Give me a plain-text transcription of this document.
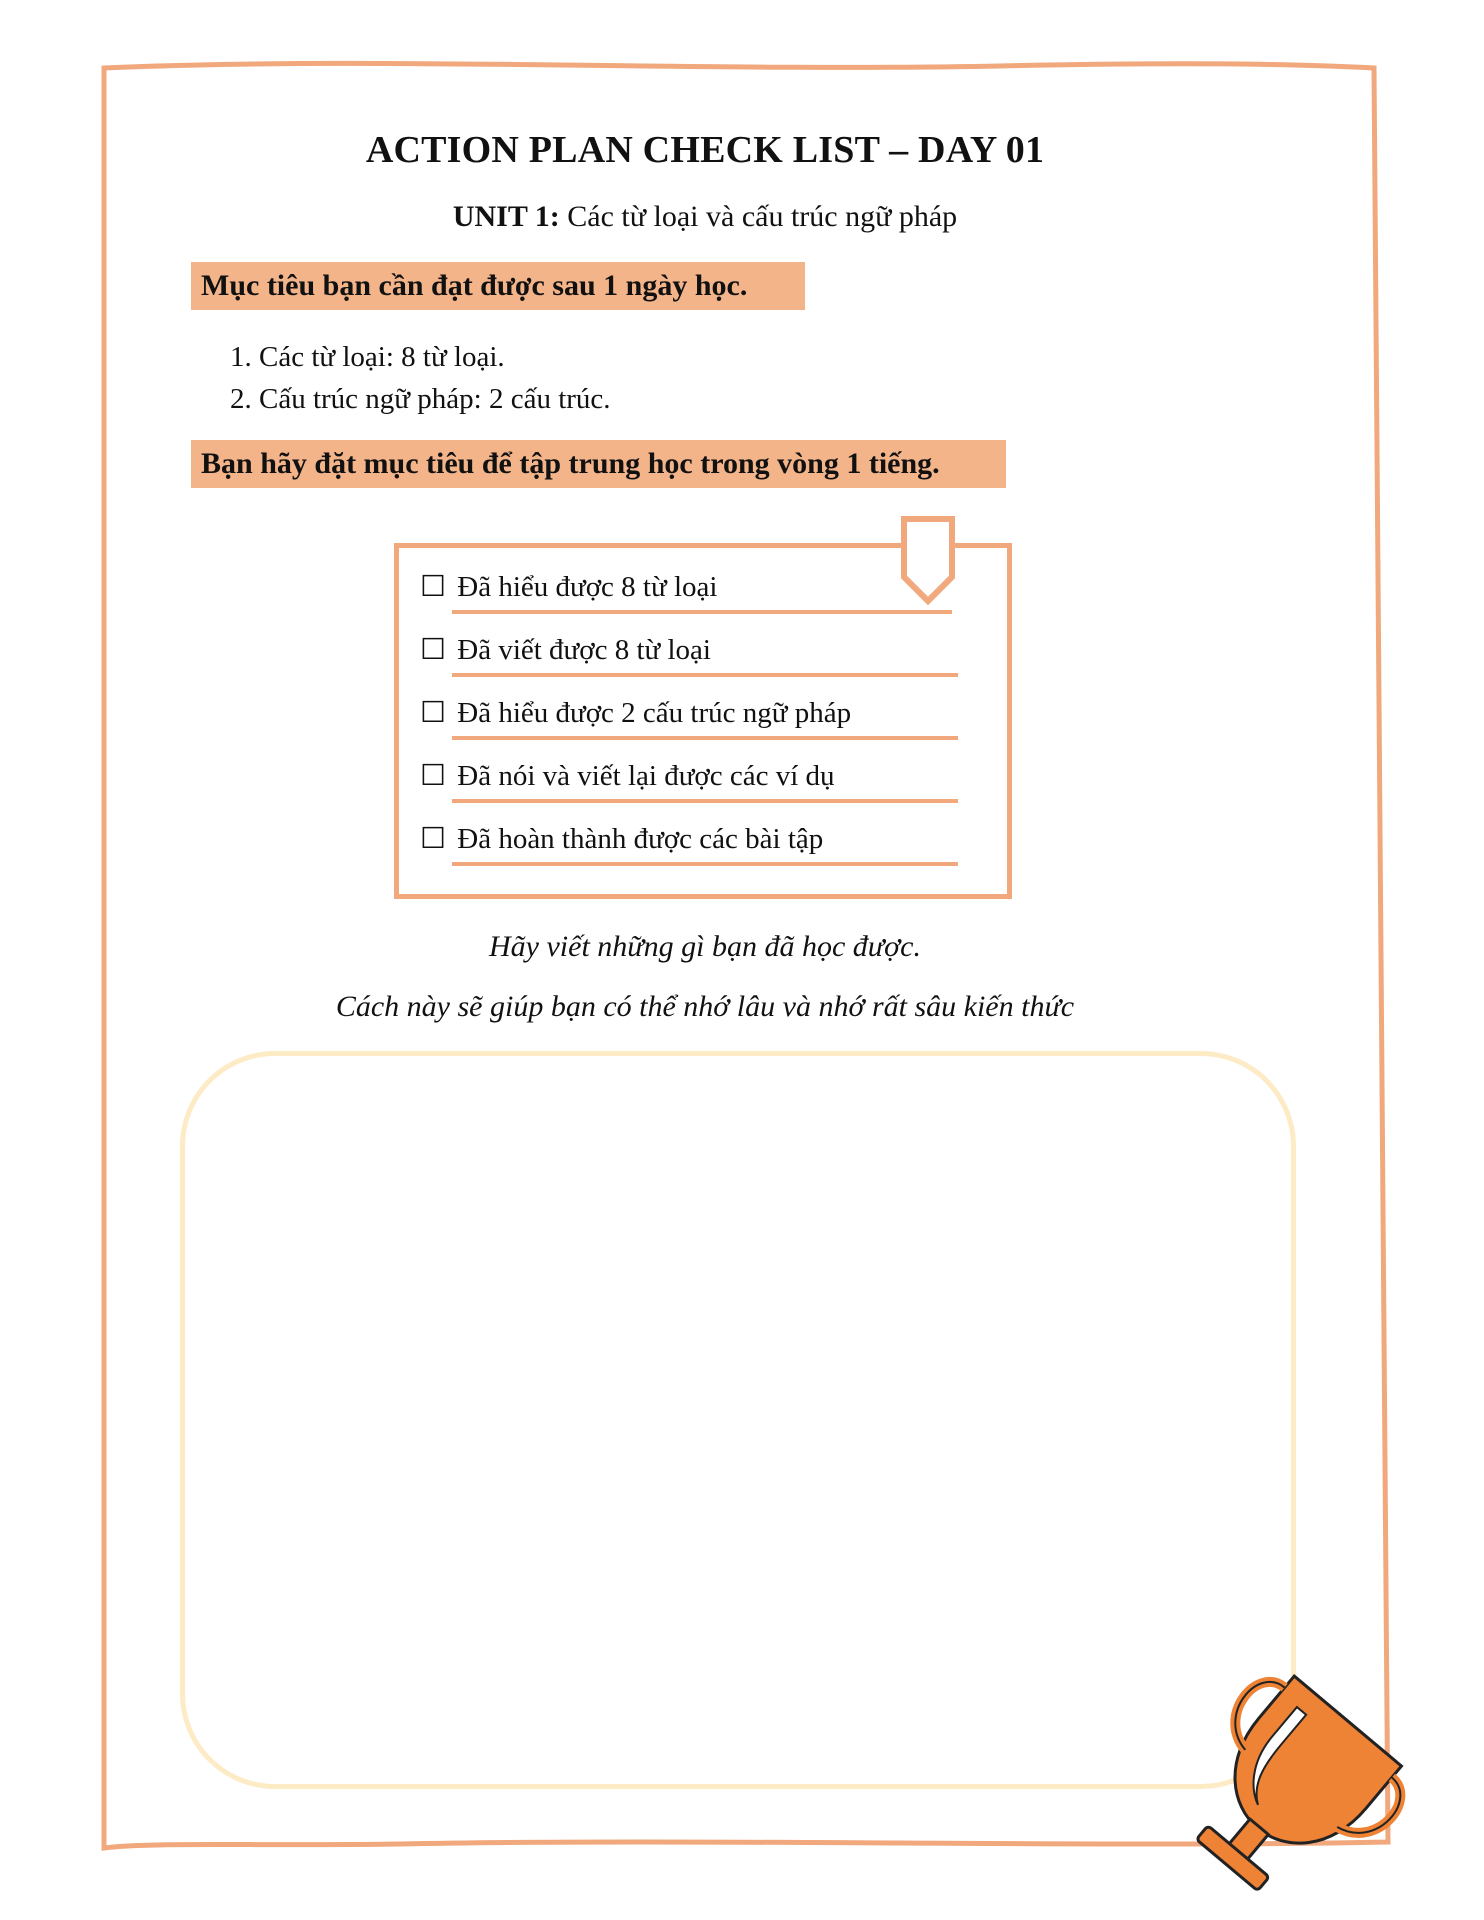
ACTION PLAN CHECK LIST – DAY 01
UNIT 1: Các từ loại và cấu trúc ngữ pháp
Mục tiêu bạn cần đạt được sau 1 ngày học.
1. Các từ loại: 8 từ loại.
2. Cấu trúc ngữ pháp: 2 cấu trúc.
Bạn hãy đặt mục tiêu để tập trung học trong vòng 1 tiếng.
☐ Đã hiểu được 8 từ loại
☐ Đã viết được 8 từ loại
☐ Đã hiểu được 2 cấu trúc ngữ pháp
☐ Đã nói và viết lại được các ví dụ
☐ Đã hoàn thành được các bài tập
Hãy viết những gì bạn đã học được.
Cách này sẽ giúp bạn có thể nhớ lâu và nhớ rất sâu kiến thức
